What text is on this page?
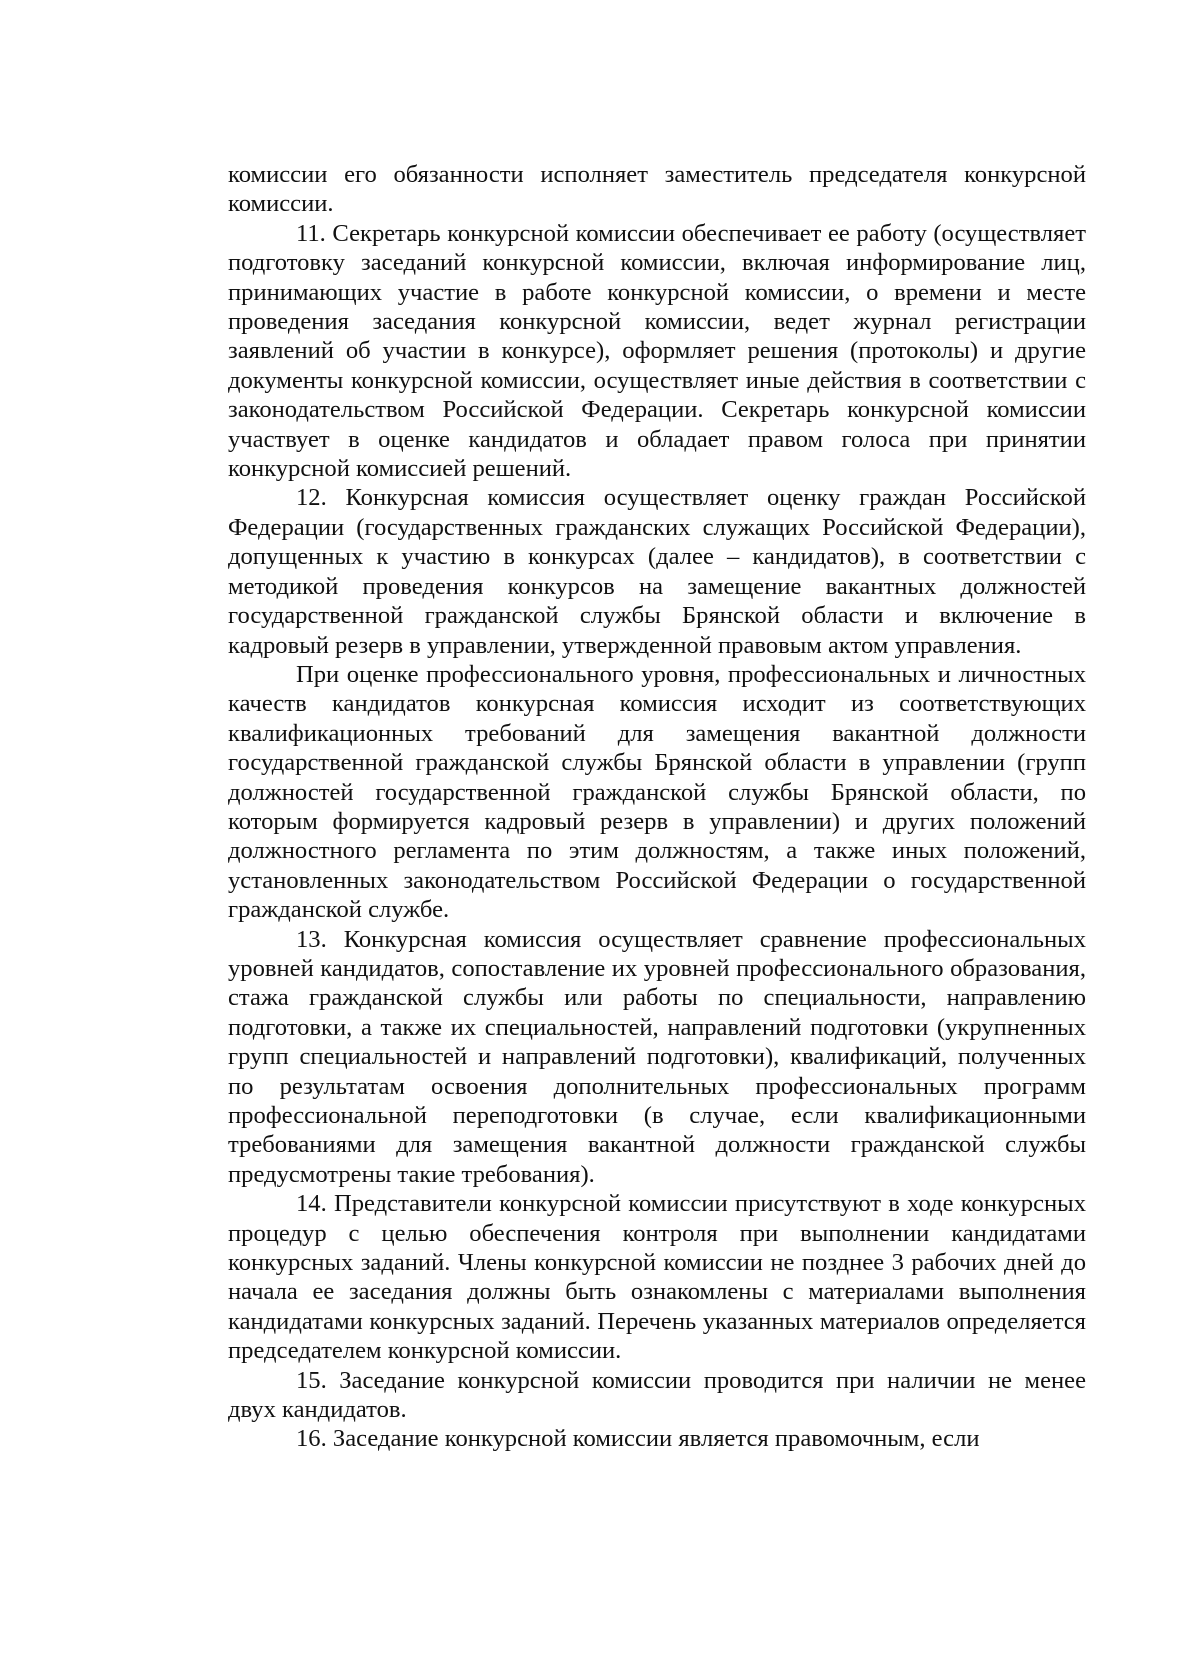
комиссии его обязанности исполняет заместитель председателя конкурсной комиссии.

11. Секретарь конкурсной комиссии обеспечивает ее работу (осуществляет подготовку заседаний конкурсной комиссии, включая информирование лиц, принимающих участие в работе конкурсной комиссии, о времени и месте проведения заседания конкурсной комиссии, ведет журнал регистрации заявлений об участии в конкурсе), оформляет решения (протоколы) и другие документы конкурсной комиссии, осуществляет иные действия в соответствии с законодательством Российской Федерации. Секретарь конкурсной комиссии участвует в оценке кандидатов и обладает правом голоса при принятии конкурсной комиссией решений.

12. Конкурсная комиссия осуществляет оценку граждан Российской Федерации (государственных гражданских служащих Российской Федерации), допущенных к участию в конкурсах (далее – кандидатов), в соответствии с методикой проведения конкурсов на замещение вакантных должностей государственной гражданской службы Брянской области и включение в кадровый резерв в управлении, утвержденной правовым актом управления.

При оценке профессионального уровня, профессиональных и личностных качеств кандидатов конкурсная комиссия исходит из соответствующих квалификационных требований для замещения вакантной должности государственной гражданской службы Брянской области в управлении (групп должностей государственной гражданской службы Брянской области, по которым формируется кадровый резерв в управлении) и других положений должностного регламента по этим должностям, а также иных положений, установленных законодательством Российской Федерации о государственной гражданской службе.

13. Конкурсная комиссия осуществляет сравнение профессиональных уровней кандидатов, сопоставление их уровней профессионального образования, стажа гражданской службы или работы по специальности, направлению подготовки, а также их специальностей, направлений подготовки (укрупненных групп специальностей и направлений подготовки), квалификаций, полученных по результатам освоения дополнительных профессиональных программ профессиональной переподготовки (в случае, если квалификационными требованиями для замещения вакантной должности гражданской службы предусмотрены такие требования).

14. Представители конкурсной комиссии присутствуют в ходе конкурсных процедур с целью обеспечения контроля при выполнении кандидатами конкурсных заданий. Члены конкурсной комиссии не позднее 3 рабочих дней до начала ее заседания должны быть ознакомлены с материалами выполнения кандидатами конкурсных заданий. Перечень указанных материалов определяется председателем конкурсной комиссии.

15. Заседание конкурсной комиссии проводится при наличии не менее двух кандидатов.

16. Заседание конкурсной комиссии является правомочным, если
